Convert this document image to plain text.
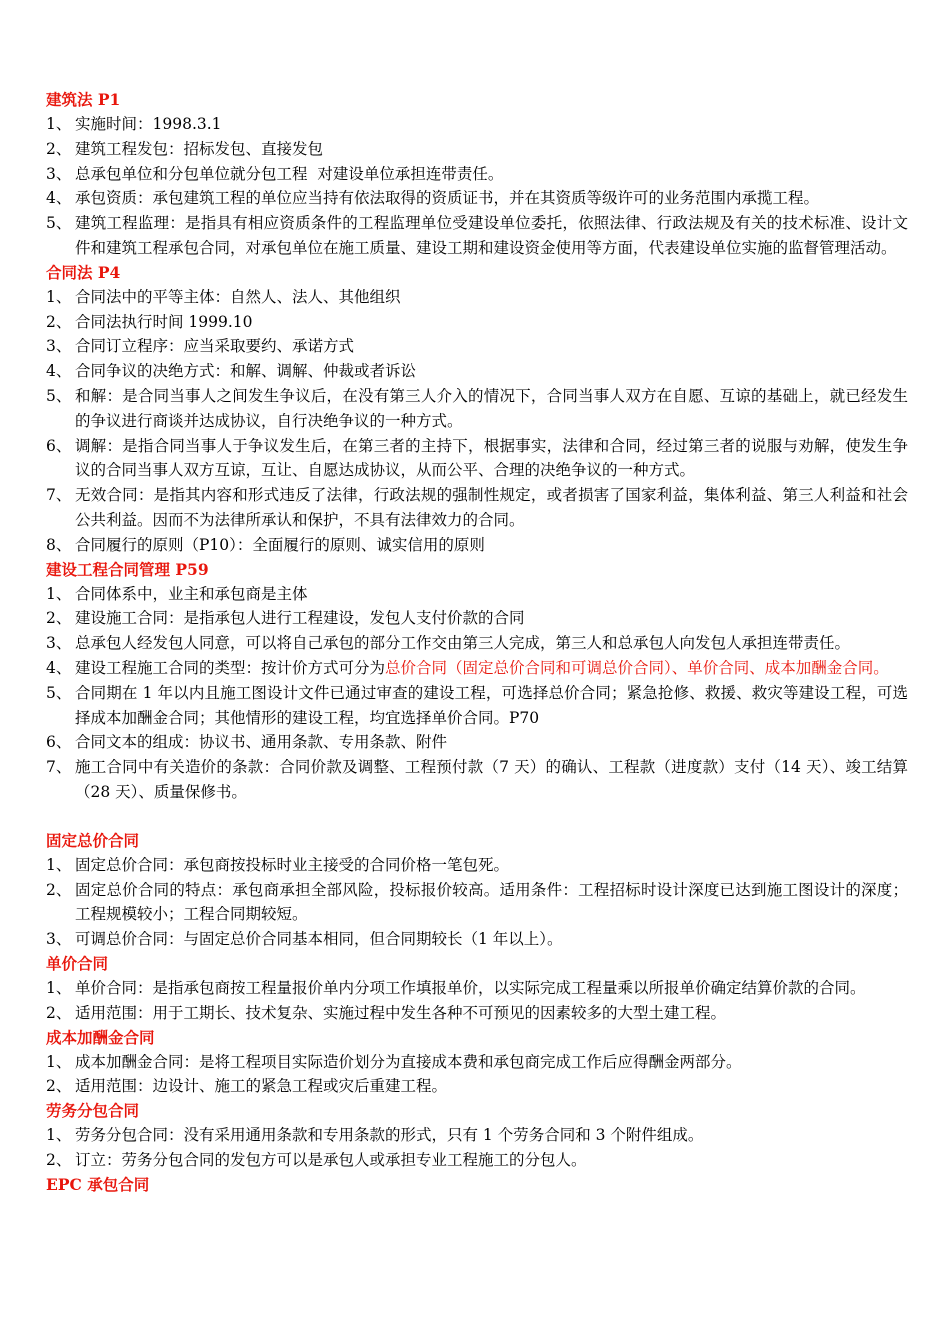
建筑法 P1
1、 实施时间：1998.3.1
2、 建筑工程发包：招标发包、直接发包
3、 总承包单位和分包单位就分包工程  对建设单位承担连带责任。
4、 承包资质：承包建筑工程的单位应当持有依法取得的资质证书，并在其资质等级许可的业务范围内承揽工程。
5、 建筑工程监理：是指具有相应资质条件的工程监理单位受建设单位委托，依照法律、行政法规及有关的技术标准、设计文件和建筑工程承包合同，对承包单位在施工质量、建设工期和建设资金使用等方面，代表建设单位实施的监督管理活动。
合同法 P4
1、 合同法中的平等主体：自然人、法人、其他组织
2、 合同法执行时间 1999.10
3、 合同订立程序：应当采取要约、承诺方式
4、 合同争议的决绝方式：和解、调解、仲裁或者诉讼
5、 和解：是合同当事人之间发生争议后，在没有第三人介入的情况下，合同当事人双方在自愿、互谅的基础上，就已经发生的争议进行商谈并达成协议，自行决绝争议的一种方式。
6、 调解：是指合同当事人于争议发生后，在第三者的主持下，根据事实，法律和合同，经过第三者的说服与劝解，使发生争议的合同当事人双方互谅，互让、自愿达成协议，从而公平、合理的决绝争议的一种方式。
7、 无效合同：是指其内容和形式违反了法律，行政法规的强制性规定，或者损害了国家利益，集体利益、第三人利益和社会公共利益。因而不为法律所承认和保护，不具有法律效力的合同。
8、 合同履行的原则（P10）：全面履行的原则、诚实信用的原则
建设工程合同管理 P59
1、 合同体系中，业主和承包商是主体
2、 建设施工合同：是指承包人进行工程建设，发包人支付价款的合同
3、 总承包人经发包人同意，可以将自己承包的部分工作交由第三人完成，第三人和总承包人向发包人承担连带责任。
4、 建设工程施工合同的类型：按计价方式可分为总价合同（固定总价合同和可调总价合同）、单价合同、成本加酬金合同。
5、 合同期在 1 年以内且施工图设计文件已通过审查的建设工程，可选择总价合同；紧急抢修、救援、救灾等建设工程，可选择成本加酬金合同；其他情形的建设工程，均宜选择单价合同。P70
6、 合同文本的组成：协议书、通用条款、专用条款、附件
7、 施工合同中有关造价的条款：合同价款及调整、工程预付款（7 天）的确认、工程款（进度款）支付（14 天）、竣工结算（28 天）、质量保修书。
固定总价合同
1、 固定总价合同：承包商按投标时业主接受的合同价格一笔包死。
2、 固定总价合同的特点：承包商承担全部风险，投标报价较高。适用条件：工程招标时设计深度已达到施工图设计的深度；工程规模较小；工程合同期较短。
3、 可调总价合同：与固定总价合同基本相同，但合同期较长（1 年以上）。
单价合同
1、 单价合同：是指承包商按工程量报价单内分项工作填报单价，以实际完成工程量乘以所报单价确定结算价款的合同。
2、 适用范围：用于工期长、技术复杂、实施过程中发生各种不可预见的因素较多的大型土建工程。
成本加酬金合同
1、 成本加酬金合同：是将工程项目实际造价划分为直接成本费和承包商完成工作后应得酬金两部分。
2、 适用范围：边设计、施工的紧急工程或灾后重建工程。
劳务分包合同
1、 劳务分包合同：没有采用通用条款和专用条款的形式，只有 1 个劳务合同和 3 个附件组成。
2、 订立：劳务分包合同的发包方可以是承包人或承担专业工程施工的分包人。
EPC 承包合同
